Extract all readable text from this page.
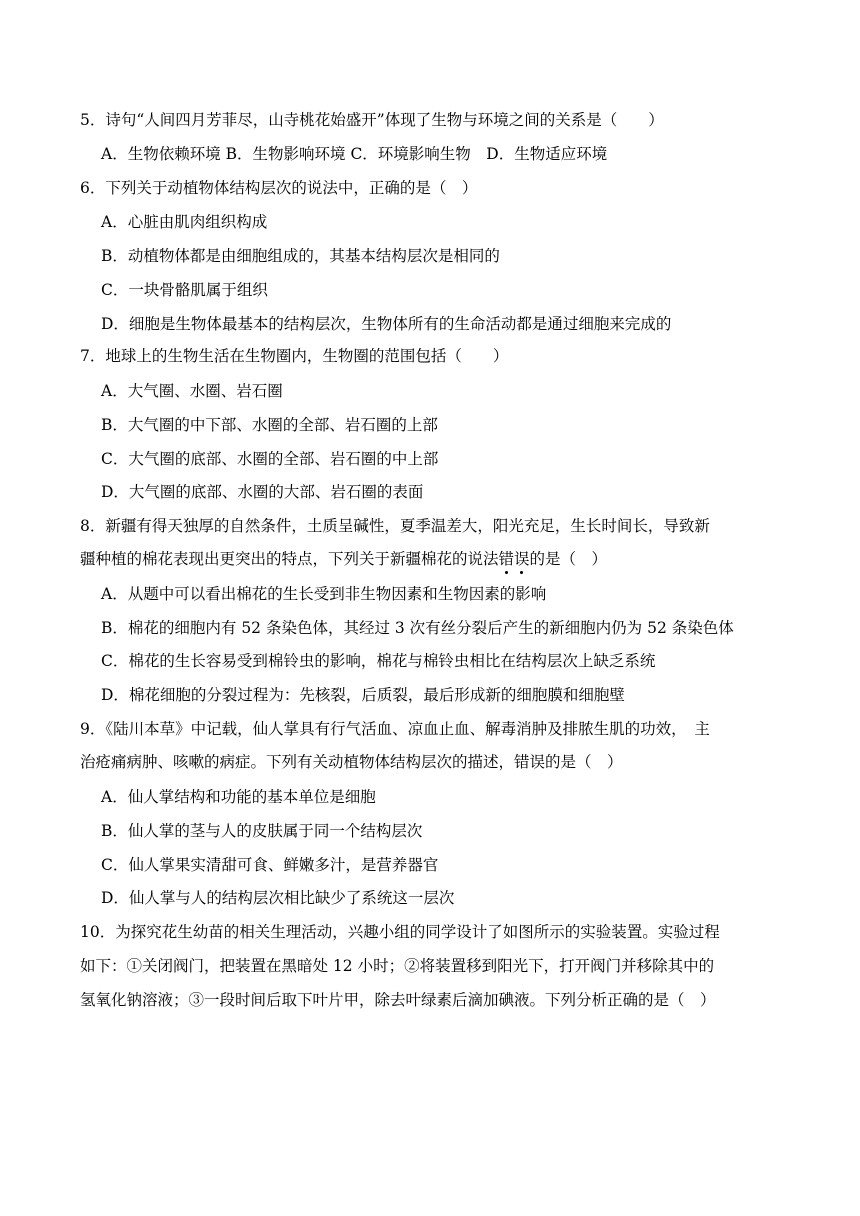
5．诗句“人间四月芳菲尽，山寺桃花始盛开”体现了生物与环境之间的关系是（　　）
A．生物依赖环境 B．生物影响环境 C．环境影响生物　D．生物适应环境
6．下列关于动植物体结构层次的说法中，正确的是（　）
A．心脏由肌肉组织构成
B．动植物体都是由细胞组成的，其基本结构层次是相同的
C．一块骨骼肌属于组织
D．细胞是生物体最基本的结构层次，生物体所有的生命活动都是通过细胞来完成的
7．地球上的生物生活在生物圈内，生物圈的范围包括（　　）
A．大气圈、水圈、岩石圈
B．大气圈的中下部、水圈的全部、岩石圈的上部
C．大气圈的底部、水圈的全部、岩石圈的中上部
D．大气圈的底部、水圈的大部、岩石圈的表面
8．新疆有得天独厚的自然条件，土质呈碱性，夏季温差大，阳光充足，生长时间长，导致新
疆种植的棉花表现出更突出的特点，下列关于新疆棉花的说法错误的是（　）
A．从题中可以看出棉花的生长受到非生物因素和生物因素的影响
B．棉花的细胞内有 52 条染色体，其经过 3 次有丝分裂后产生的新细胞内仍为 52 条染色体
C．棉花的生长容易受到棉铃虫的影响，棉花与棉铃虫相比在结构层次上缺乏系统
D．棉花细胞的分裂过程为：先核裂，后质裂，最后形成新的细胞膜和细胞壁
9．《陆川本草》中记载，仙人掌具有行气活血、凉血止血、解毒消肿及排脓生肌的功效，　主
治疮痛病肿、咳嗽的病症。下列有关动植物体结构层次的描述，错误的是（　）
A．仙人掌结构和功能的基本单位是细胞
B．仙人掌的茎与人的皮肤属于同一个结构层次
C．仙人掌果实清甜可食、鲜嫩多汁，是营养器官
D．仙人掌与人的结构层次相比缺少了系统这一层次
10．为探究花生幼苗的相关生理活动，兴趣小组的同学设计了如图所示的实验装置。实验过程
如下：①关闭阀门，把装置在黑暗处 12 小时；②将装置移到阳光下，打开阀门并移除其中的
氢氧化钠溶液；③一段时间后取下叶片甲，除去叶绿素后滴加碘液。下列分析正确的是（　）
